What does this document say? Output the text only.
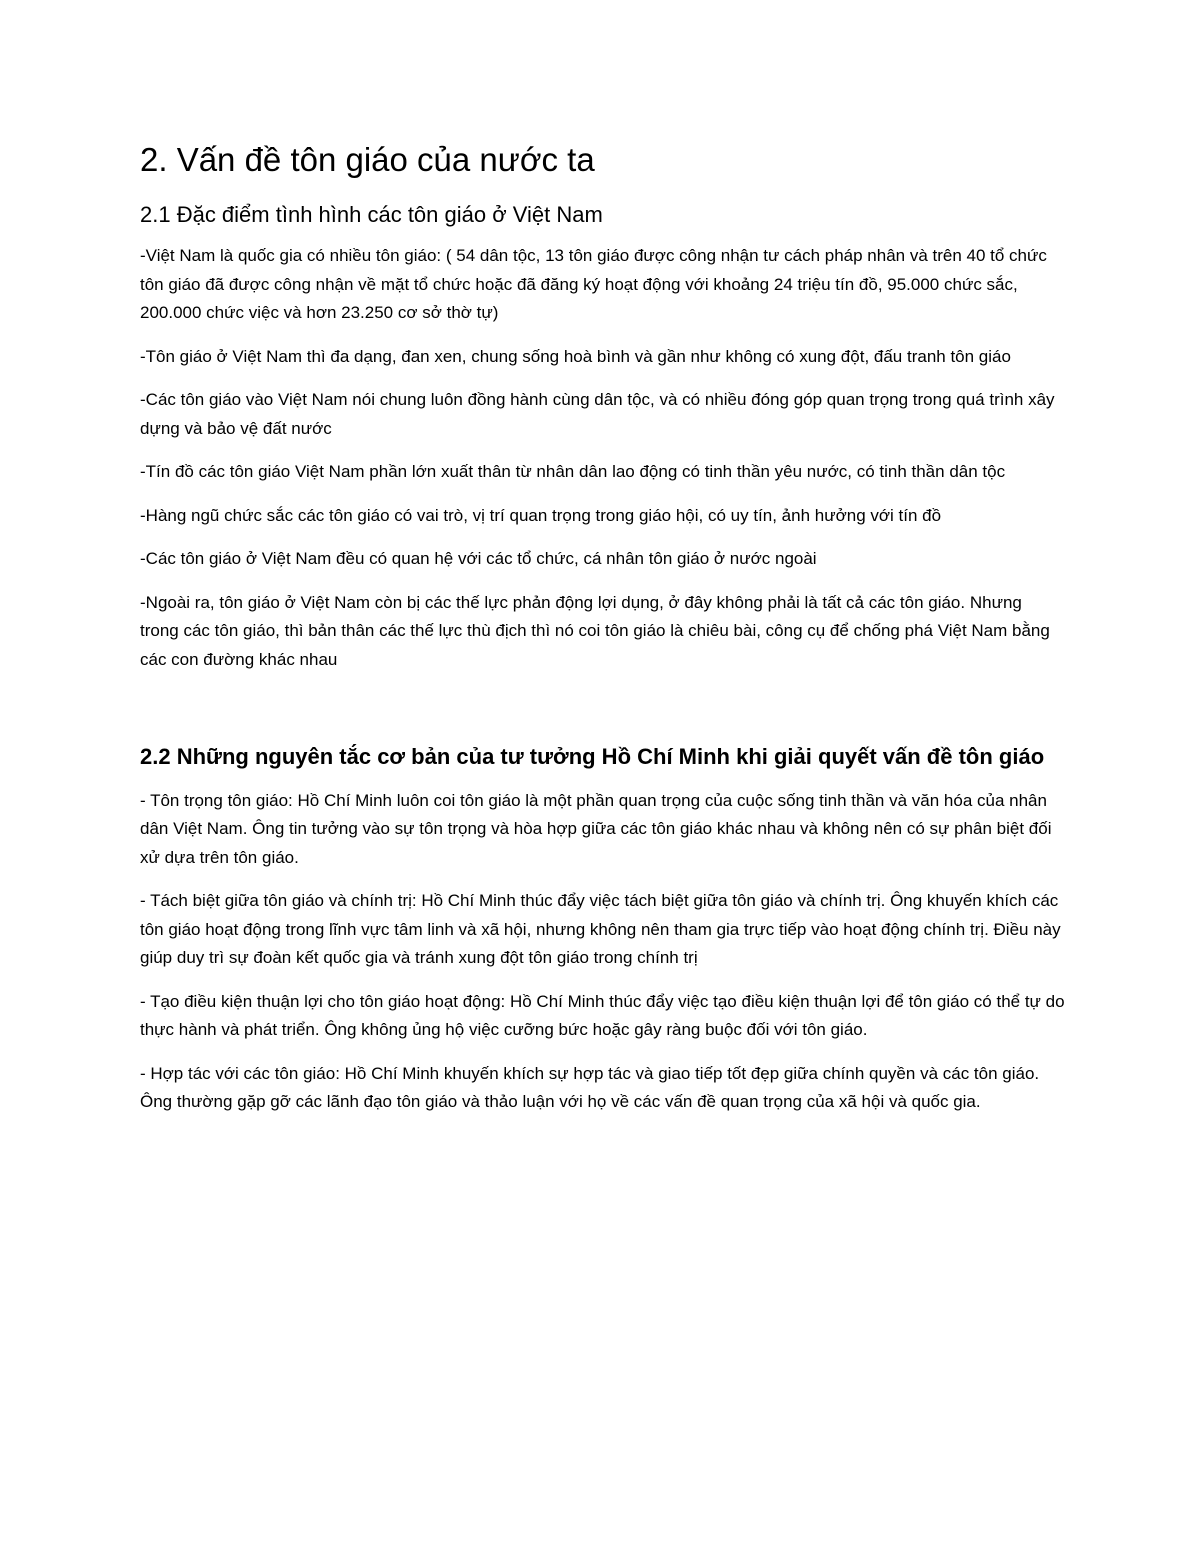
2. Vấn đề tôn giáo của nước ta
2.1 Đặc điểm tình hình các tôn giáo ở Việt Nam

-Việt Nam là quốc gia có nhiều tôn giáo: ( 54 dân tộc, 13 tôn giáo được công nhận tư cách pháp nhân và trên 40 tổ chức tôn giáo đã được công nhận về mặt tổ chức hoặc đã đăng ký hoạt động với khoảng 24 triệu tín đồ, 95.000 chức sắc, 200.000 chức việc và hơn 23.250 cơ sở thờ tự)

-Tôn giáo ở Việt Nam thì đa dạng, đan xen, chung sống hoà bình và gần như không có xung đột, đấu tranh tôn giáo

-Các tôn giáo vào Việt Nam nói chung luôn đồng hành cùng dân tộc, và có nhiều đóng góp quan trọng trong quá trình xây dựng và bảo vệ đất nước

-Tín đồ các tôn giáo Việt Nam phần lớn xuất thân từ nhân dân lao động có tinh thần yêu nước, có tinh thần dân tộc

-Hàng ngũ chức sắc các tôn giáo có vai trò, vị trí quan trọng trong giáo hội, có uy tín, ảnh hưởng với tín đồ

-Các tôn giáo ở Việt Nam đều có quan hệ với các tổ chức, cá nhân tôn giáo ở nước ngoài

-Ngoài ra, tôn giáo ở Việt Nam còn bị các thế lực phản động lợi dụng, ở đây không phải là tất cả các tôn giáo. Nhưng trong các tôn giáo, thì bản thân các thế lực thù địch thì nó coi tôn giáo là chiêu bài, công cụ để chống phá Việt Nam bằng các con đường khác nhau

2.2 Những nguyên tắc cơ bản của tư tưởng Hồ Chí Minh khi giải quyết vấn đề tôn giáo

- Tôn trọng tôn giáo: Hồ Chí Minh luôn coi tôn giáo là một phần quan trọng của cuộc sống tinh thần và văn hóa của nhân dân Việt Nam. Ông tin tưởng vào sự tôn trọng và hòa hợp giữa các tôn giáo khác nhau và không nên có sự phân biệt đối xử dựa trên tôn giáo.

- Tách biệt giữa tôn giáo và chính trị: Hồ Chí Minh thúc đẩy việc tách biệt giữa tôn giáo và chính trị. Ông khuyến khích các tôn giáo hoạt động trong lĩnh vực tâm linh và xã hội, nhưng không nên tham gia trực tiếp vào hoạt động chính trị. Điều này giúp duy trì sự đoàn kết quốc gia và tránh xung đột tôn giáo trong chính trị

- Tạo điều kiện thuận lợi cho tôn giáo hoạt động: Hồ Chí Minh thúc đẩy việc tạo điều kiện thuận lợi để tôn giáo có thể tự do thực hành và phát triển. Ông không ủng hộ việc cưỡng bức hoặc gây ràng buộc đối với tôn giáo.

- Hợp tác với các tôn giáo: Hồ Chí Minh khuyến khích sự hợp tác và giao tiếp tốt đẹp giữa chính quyền và các tôn giáo. Ông thường gặp gỡ các lãnh đạo tôn giáo và thảo luận với họ về các vấn đề quan trọng của xã hội và quốc gia.
